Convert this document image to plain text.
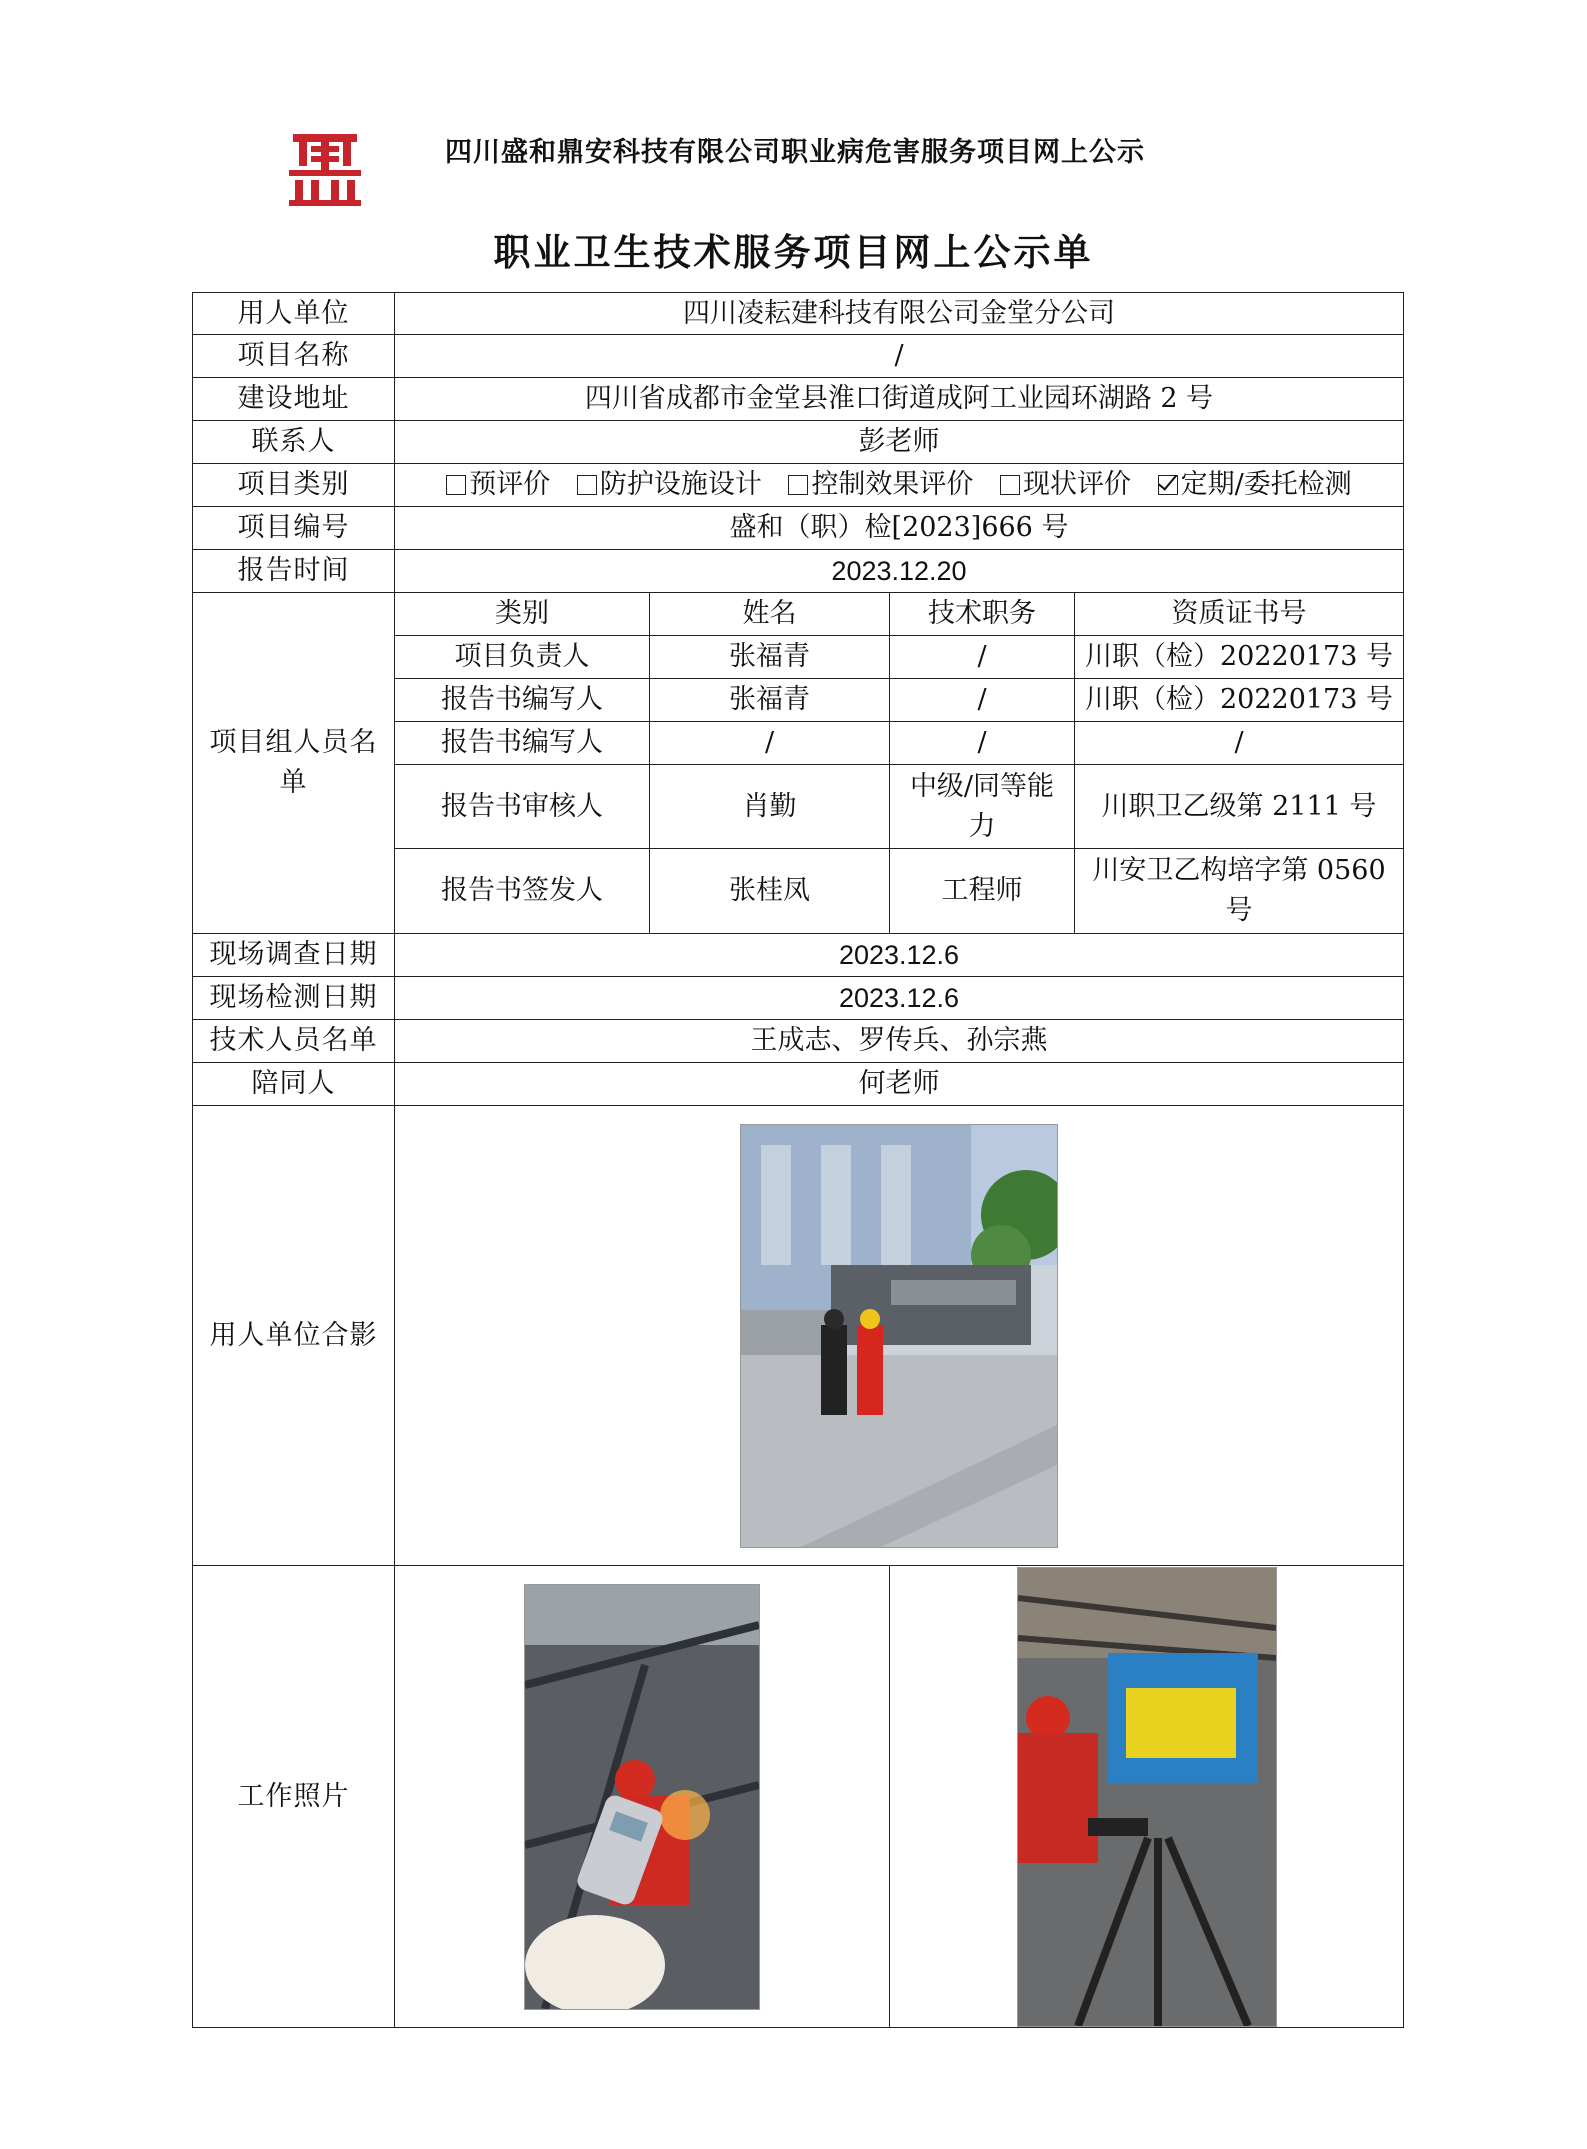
四川盛和鼎安科技有限公司职业病危害服务项目网上公示
职业卫生技术服务项目网上公示单
用人单位	四川凌耘建科技有限公司金堂分公司			
项目名称	/			
建设地址	四川省成都市金堂县淮口街道成阿工业园环湖路 2 号			
联系人	彭老师			
项目类别	预评价 防护设施设计 控制效果评价 现状评价 定期/委托检测			
项目编号	盛和（职）检[2023]666 号			
报告时间	2023.12.20			
项目组人员名单	类别	姓名	技术职务	资质证书号
	项目负责人	张福青	/	川职（检）20220173 号
	报告书编写人	张福青	/	川职（检）20220173 号
	报告书编写人	/	/	/
	报告书审核人	肖勤	中级/同等能力	川职卫乙级第 2111 号
	报告书签发人	张桂凤	工程师	川安卫乙构培字第 0560 号
现场调查日期	2023.12.6			
现场检测日期	2023.12.6			
技术人员名单	王成志、罗传兵、孙宗燕			
陪同人	何老师			
用人单位合影	

工作照片	
